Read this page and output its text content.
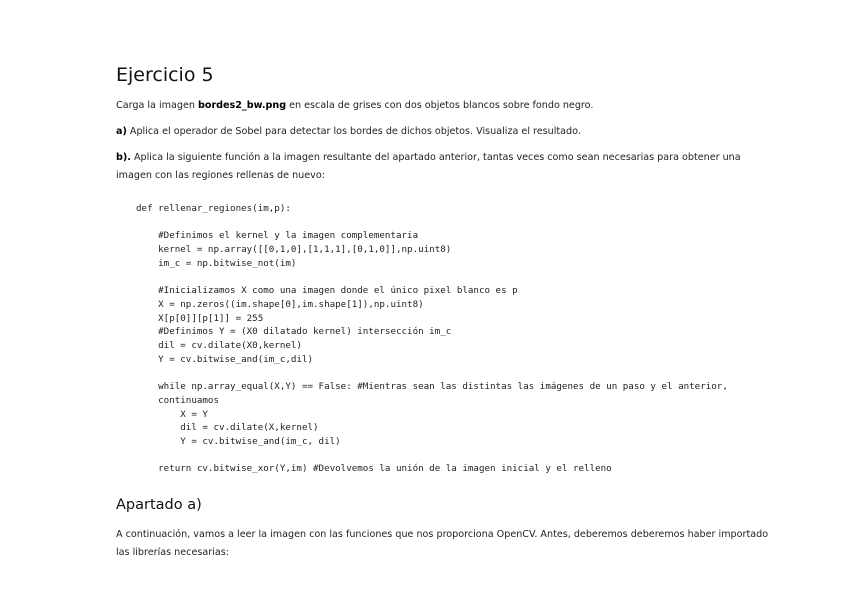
Ejercicio 5

Carga la imagen bordes2_bw.png en escala de grises con dos objetos blancos sobre fondo negro.

a) Aplica el operador de Sobel para detectar los bordes de dichos objetos. Visualiza el resultado.

b). Aplica la siguiente función a la imagen resultante del apartado anterior, tantas veces como sean necesarias para obtener una imagen con las regiones rellenas de nuevo:

def rellenar_regiones(im,p):

#Definimos el kernel y la imagen complementaria
kernel = np.array([[0,1,0],[1,1,1],[0,1,0]],np.uint8)
im_c = np.bitwise_not(im)

#Inicializamos X como una imagen donde el único pixel blanco es p
X = np.zeros((im.shape[0],im.shape[1]),np.uint8)
X[p[0]][p[1]] = 255
#Definimos Y = (X0 dilatado kernel) intersección im_c
dil = cv.dilate(X0,kernel)
Y = cv.bitwise_and(im_c,dil)

while np.array_equal(X,Y) == False: #Mientras sean las distintas las imágenes de un paso y el anterior,
continuamos
X = Y
dil = cv.dilate(X,kernel)
Y = cv.bitwise_and(im_c, dil)

return cv.bitwise_xor(Y,im) #Devolvemos la unión de la imagen inicial y el relleno
Apartado a)

A continuación, vamos a leer la imagen con las funciones que nos proporciona OpenCV. Antes, deberemos deberemos haber importado las librerías necesarias:
